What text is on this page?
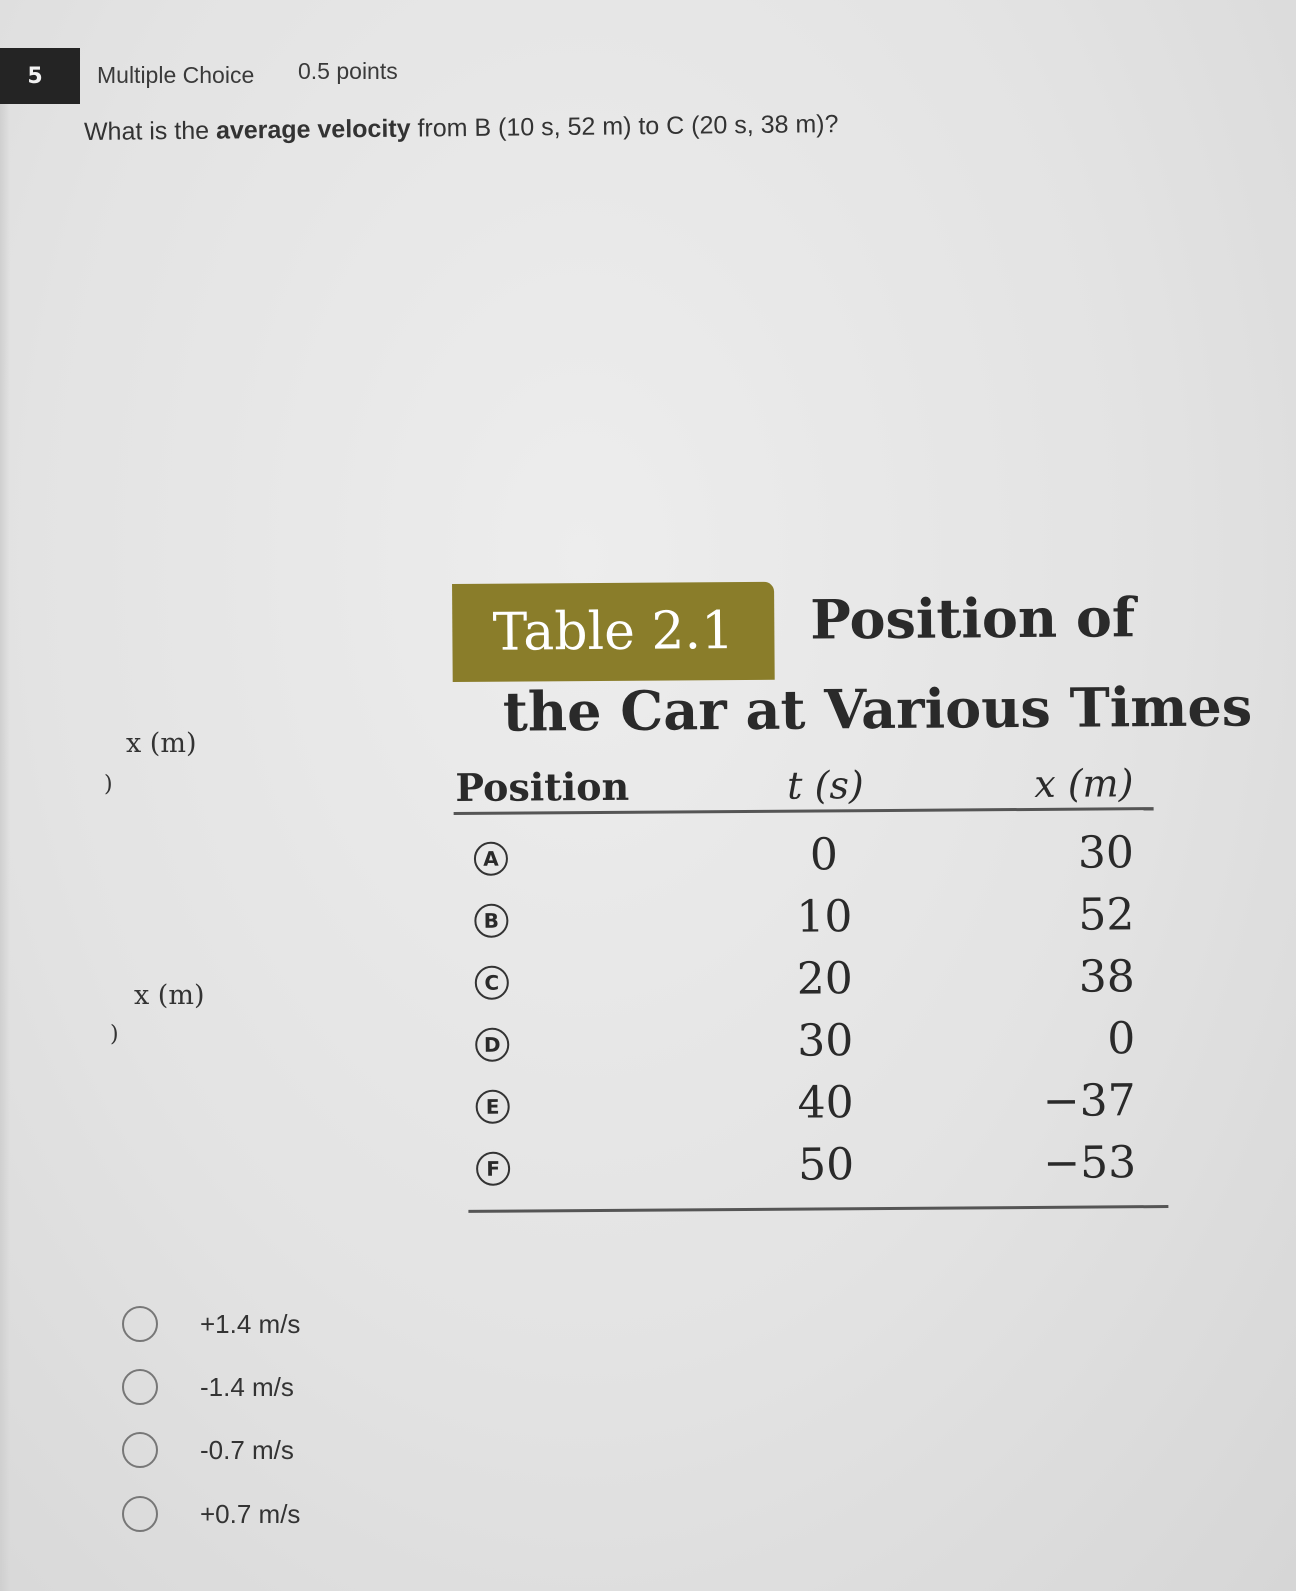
5	Multiple Choice 0.5 points
What is the average velocity from B (10 s, 52 m) to C (20 s, 38 m)?
x (m)
)
x (m)
)
Table 2.1	Position of
the Car at Various Times
Position	t (s)	x (m)
A	0	30
B	10	52
C	20	38
D	30	0
E	40	−37
F	50	−53
+1.4 m/s
-1.4 m/s
-0.7 m/s
+0.7 m/s
